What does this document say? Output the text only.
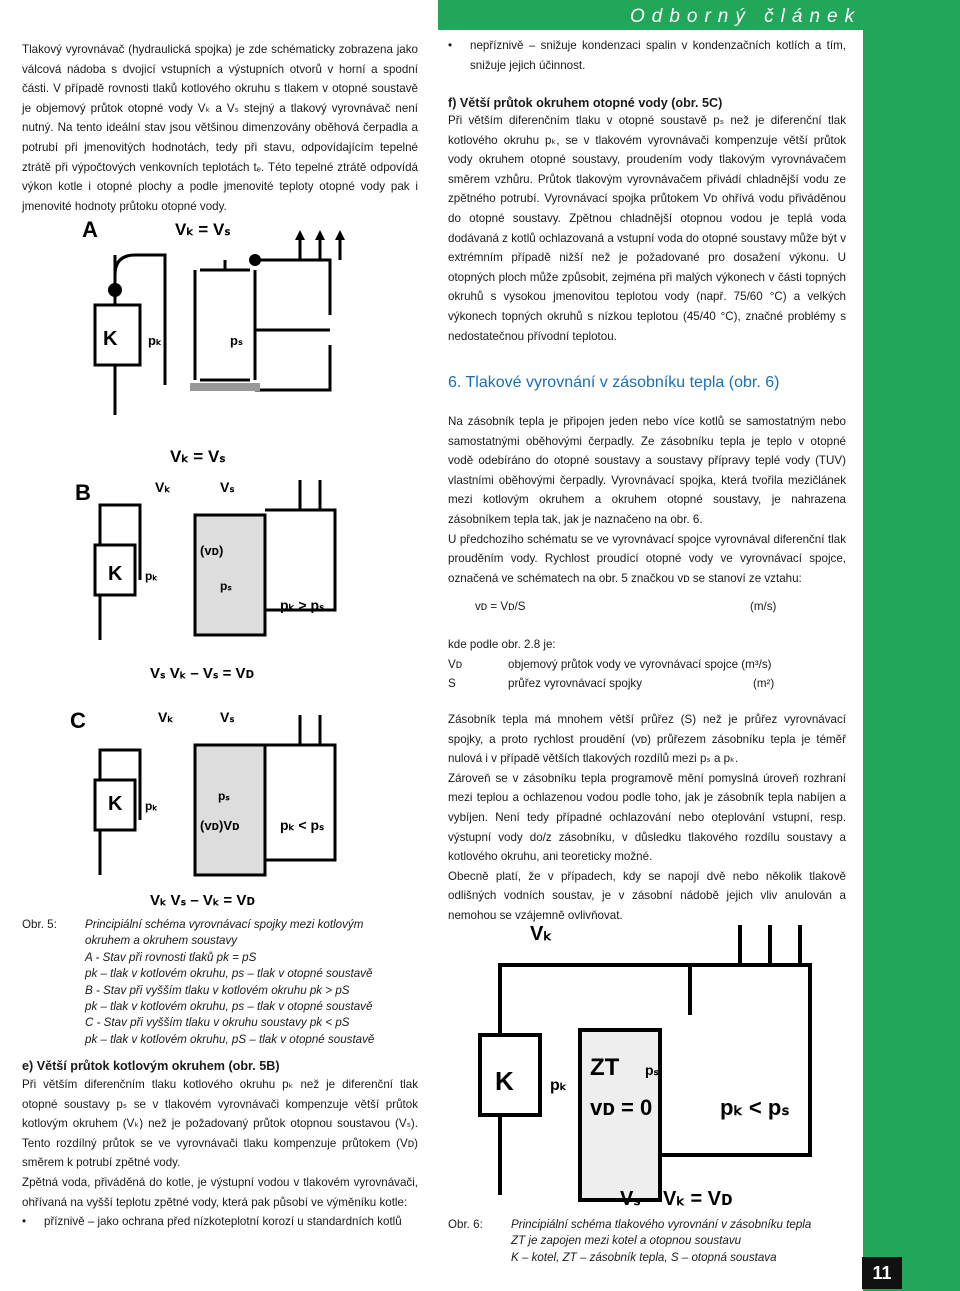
Odborný článek

Tlakový vyrovnávač (hydraulická spojka) je zde schématicky zobrazena jako válcová nádoba s dvojicí vstupních a výstupních otvorů v horní a spodní části. V případě rovnosti tlaků kotlového okruhu s tlakem v otopné soustavě je objemový průtok otopné vody Vₖ a Vₛ stejný a tlakový vyrovnávač není nutný. Na tento ideální stav jsou většinou dimenzovány oběhová čerpadla a potrubí při jmenovitých hodnotách, tedy při stavu, odpovídajícím tepelné ztrátě při výpočtových venkovních teplotách tₑ. Této tepelné ztrátě odpovídá výkon kotle i otopné plochy a podle jmenovité teploty otopné vody pak i jmenovité hodnoty průtoku otopné vody.

A	Vₖ = Vₛ
K pₖ	pₛ
B
Vₖ = Vₛ
Vₖ	Vₛ
K pₖ
(vᴅ)
pₛ
pₖ > pₛ
Vₛ Vₖ – Vₛ = Vᴅ
C	Vₖ	Vₛ
K pₖ
pₛ
(vᴅ)Vᴅ	pₖ < pₛ
Vₖ Vₛ – Vₖ = Vᴅ
Obr. 5: Principiální schéma vyrovnávací spojky mezi kotlovým
okruhem a okruhem soustavy
A - Stav při rovnosti tlaků pk = pS
pk – tlak v kotlovém okruhu, ps – tlak v otopné soustavě
B - Stav při vyšším tlaku v kotlovém okruhu pk > pS
pk – tlak v kotlovém okruhu, ps – tlak v otopné soustavě
C - Stav při vyšším tlaku v okruhu soustavy pk < pS
pk – tlak v kotlovém okruhu, pS – tlak v otopné soustavě
e) Větší průtok kotlovým okruhem (obr. 5B)

Při větším diferenčním tlaku kotlového okruhu pₖ než je diferenční tlak otopné soustavy pₛ se v tlakovém vyrovnávači kompenzuje větší průtok kotlovým okruhem (Vₖ) než je požadovaný průtok otopnou soustavou (Vₛ). Tento rozdílný průtok se ve vyrovnávači tlaku kompenzuje průtokem (Vᴅ) směrem k potrubí zpětné vody.

Zpětná voda, přiváděná do kotle, je výstupní vodou v tlakovém vyrovnávači, ohřívaná na vyšší teplotu zpětné vody, která pak působí ve výměníku kotle:

• příznivě – jako ochrana před nízkoteplotní korozí u standardních kotlů

• nepříznivě – snižuje kondenzaci spalin v kondenzačních kotlích a tím, snižuje jejich účinnost.

f) Větší průtok okruhem otopné vody (obr. 5C)

Při větším diferenčním tlaku v otopné soustavě pₛ než je diferenční tlak kotlového okruhu pₖ, se v tlakovém vyrovnávači kompenzuje větší průtok vody okruhem otopné soustavy, proudením vody tlakovým vyrovnávačem směrem vzhůru. Průtok tlakovým vyrovnávačem přivádí chladnější vodu ze zpětného potrubí. Vyrovnávací spojka průtokem Vᴅ ohřívá vodu přiváděnou do otopné soustavy. Zpětnou chladnější otopnou vodou je teplá voda dodávaná z kotlů ochlazovaná a vstupní voda do otopné soustavy může být v extrémním případě nižší než je požadované pro dosažení výkonu. U otopných ploch může způsobit, zejména při malých výkonech v části topných okruhů s vysokou jmenovitou teplotou vody (např. 75/60 °C) a velkých výkonech topných okruhů s nízkou teplotou (45/40 °C), značné problémy s nedostatečnou přívodní teplotou.

6. Tlakové vyrovnání v zásobníku tepla (obr. 6)

Na zásobník tepla je připojen jeden nebo více kotlů se samostatným nebo samostatnými oběhovými čerpadly. Ze zásobníku tepla je teplo v otopné vodě odebíráno do otopné soustavy a soustavy přípravy teplé vody (TUV) vlastními oběhovými čerpadly. Vyrovnávací spojka, která tvořila mezičlánek mezi kotlovým okruhem a okruhem otopné soustavy, je nahrazena zásobníkem tepla tak, jak je naznačeno na obr. 6.

U předchozího schématu se ve vyrovnávací spojce vyrovnával diferenční tlak prouděním vody. Rychlost proudící otopné vody ve vyrovnávací spojce, označená ve schématech na obr. 5 značkou vᴅ se stanoví ze vztahu:

vᴅ = Vᴅ/S	(m/s)

kde podle obr. 2.8 je:

Vᴅ	objemový průtok vody ve vyrovnávací spojce (m³/s)
S	průřez vyrovnávací spojky	(m²)

Zásobník tepla má mnohem větší průřez (S) než je průřez vyrovnávací spojky, a proto rychlost proudění (vᴅ) průřezem zásobníku tepla je téměř nulová i v případě větších tlakových rozdílů mezi pₛ a pₖ.

Zároveň se v zásobníku tepla programově mění pomyslná úroveň rozhraní mezi teplou a ochlazenou vodou podle toho, jak je zásobník tepla nabíjen a vybíjen. Není tedy případné ochlazování nebo oteplování vstupní, resp. výstupní vody do/z zásobníku, v důsledku tlakového rozdílu soustavy a kotlového okruhu, ani teoreticky možné.

Obecně platí, že v případech, kdy se napojí dvě nebo několik tlakově odlišných vodních soustav, je v zásobní nádobě jejich vliv anulován a nemohou se vzájemně ovlivňovat.

Vₖ
K pₖ
ZT pₛ
vᴅ = 0	pₖ < pₛ
Vₛ – Vₖ = Vᴅ
Obr. 6: Principiální schéma tlakového vyrovnání v zásobníku tepla
ZT je zapojen mezi kotel a otopnou soustavu
K – kotel, ZT – zásobník tepla, S – otopná soustava
11
